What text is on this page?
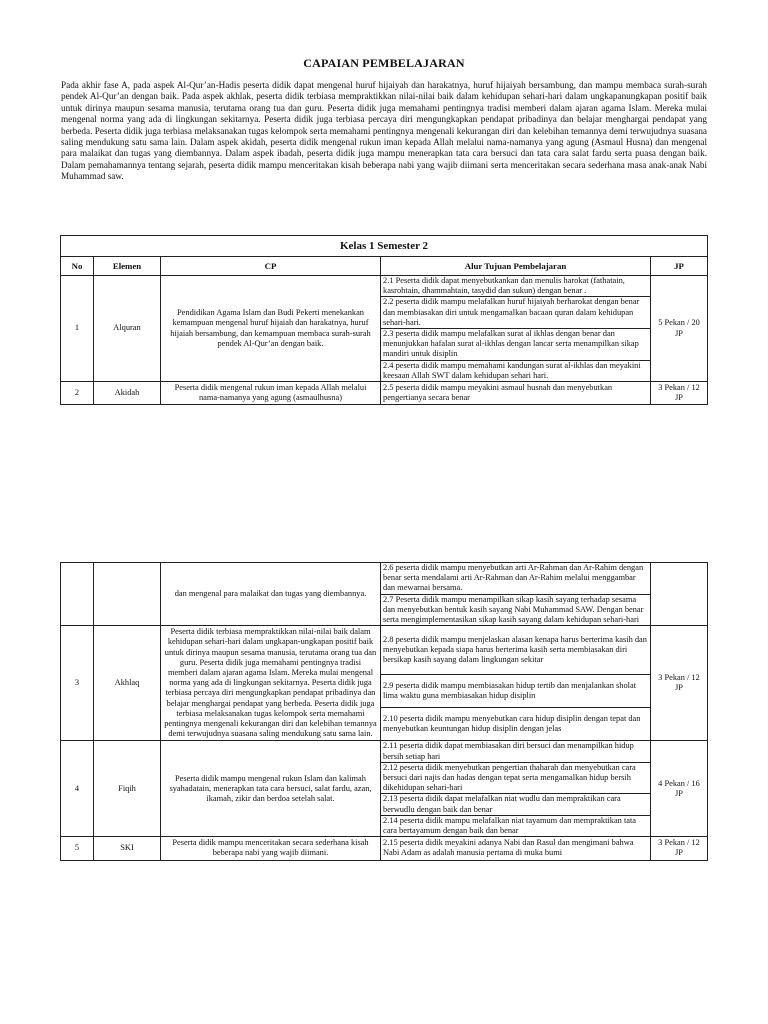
CAPAIAN PEMBELAJARAN
Pada akhir fase A, pada aspek Al-Qur’an-Hadis peserta didik dapat mengenal huruf hijaiyah dan harakatnya, huruf hijaiyah bersambung, dan mampu membaca surah-surah pendek Al-Qur’an dengan baik. Pada aspek akhlak, peserta didik terbiasa mempraktikkan nilai-nilai baik dalam kehidupan sehari-hari dalam ungkapanungkapan positif baik untuk dirinya maupun sesama manusia, terutama orang tua dan guru. Peserta didik juga memahami pentingnya tradisi memberi dalam ajaran agama Islam. Mereka mulai mengenal norma yang ada di lingkungan sekitarnya. Peserta didik juga terbiasa percaya diri mengungkapkan pendapat pribadinya dan belajar menghargai pendapat yang berbeda. Peserta didik juga terbiasa melaksanakan tugas kelompok serta memahami pentingnya mengenali kekurangan diri dan kelebihan temannya demi terwujudnya suasana saling mendukung satu sama lain. Dalam aspek akidah, peserta didik mengenal rukun iman kepada Allah melalui nama-namanya yang agung (Asmaul Husna) dan mengenal para malaikat dan tugas yang diembannya. Dalam aspek ibadah, peserta didik juga mampu menerapkan tata cara bersuci dan tata cara salat fardu serta puasa dengan baik. Dalam pemahamannya tentang sejarah, peserta didik mampu menceritakan kisah beberapa nabi yang wajib diimani serta menceritakan secara sederhana masa anak-anak Nabi Muhammad saw.
Kelas 1 Semester 2				
No	Elemen	CP	Alur Tujuan Pembelajaran	JP
1	Alquran	Pendidikan Agama Islam dan Budi Pekerti menekankan kemampuan mengenal huruf hijaiah dan harakatnya, huruf hijaiah bersambung, dan kemampuan membaca surah-surah pendek Al-Qur’an dengan baik.	2.1 Peserta didik dapat menyebutkankan dan menulis harokat (fathatain, kasrohtain, dhammahtain, tasydid dan sukun) dengan benar .	5 Pekan / 20 JP
			2.2 peserta didik mampu melafalkan huruf hijaiyah berharokat dengan benar dan membiasakan diri untuk mengamalkan bacaan quran dalam kehidupan sehari-hari.	
			2.3 peserta didik mampu melafalkan surat al ikhlas dengan benar dan menunjukkan hafalan surat al-ikhlas dengan lancar serta menampilkan sikap mandiri untuk disiplin	
			2.4 peserta didik mampu memahami kandungan surat al-ikhlas dan meyakini keesaan Allah SWT dalam kehidupan sehari hari.	
2	Akidah	Peserta didik mengenal rukun iman kepada Allah melalui nama-namanya yang agung (asmaulhusna)	2.5 peserta didik mampu meyakini asmaul husnah dan menyebutkan pengertianya secara benar	3 Pekan / 12 JP
		dan mengenal para malaikat dan tugas yang diembannya.	2.6 peserta didik mampu menyebutkan arti Ar-Rahman dan Ar-Rahim dengan benar serta mendalami arti Ar-Rahman dan Ar-Rahim melalui menggambar dan mewarnai bersama.	
			2.7 Peserta didik mampu menampilkan sikap kasih sayang terhadap sesama dan menyebutkan bentuk kasih sayang Nabi Muhammad SAW. Dengan benar serta mengimplementasikan sikap kasih sayang dalam kehidupan sehari-hari	
3	Akhlaq	Peserta didik terbiasa mempraktikkan nilai-nilai baik dalam kehidupan sehari-hari dalam ungkapan-ungkapan positif baik untuk dirinya maupun sesama manusia, terutama orang tua dan guru. Peserta didik juga memahami pentingnya tradisi memberi dalam ajaran agama Islam. Mereka mulai mengenal norma yang ada di lingkungan sekitarnya. Peserta didik juga terbiasa percaya diri mengungkapkan pendapat pribadinya dan belajar menghargai pendapat yang berbeda. Peserta didik juga terbiasa melaksanakan tugas kelompok serta memahami pentingnya mengenali kekurangan diri dan kelebihan temannya demi terwujudnya suasana saling mendukung satu sama lain.	2.8 peserta didik mampu menjelaskan alasan kenapa harus berterima kasih dan menyebutkan kepada siapa harus berterima kasih serta membiasakan diri bersikap kasih sayang dalam lingkungan sekitar	3 Pekan / 12 JP
			2.9 peserta didik mampu membiasakan hidup tertib dan menjalankan sholat lima waktu guna membiasakan hidup disiplin	
			2.10 peserta didik mampu menyebutkan cara hidup disiplin dengan tepat dan menyebutkan keuntungan hidup disiplin dengan jelas	
4	Fiqih	Peserta didik mampu mengenal rukun Islam dan kalimah syahadatain, menerapkan tata cara bersuci, salat fardu, azan, ikamah, zikir dan berdoa setelah salat.	2.11 peserta didik dapat membiasakan diri bersuci dan menampilkan hidup bersih setiap hari	4 Pekan / 16 JP
			2.12 peserta didik menyebutkan pengertian thaharah dan menyebutkan cara bersuci dari najis dan hadas dengan tepat serta mengamalkan hidup bersih dikehidupan sehari-hari	
			2.13 peserta didik dapat melafalkan niat wudlu dan mempraktikan cara berwudlu dengan baik dan benar	
			2.14 peserta didik mampu melafalkan niat tayamum dan mempraktikan tata cara bertayamum dengan baik dan benar	
5	SKI	Peserta didik mampu menceritakan secara sederhana kisah beberapa nabi yang wajib diimani.	2.15 peserta didik meyakini adanya Nabi dan Rasul dan mengimani bahwa Nabi Adam as adalah manusia pertama di muka bumi	3 Pekan / 12 JP
